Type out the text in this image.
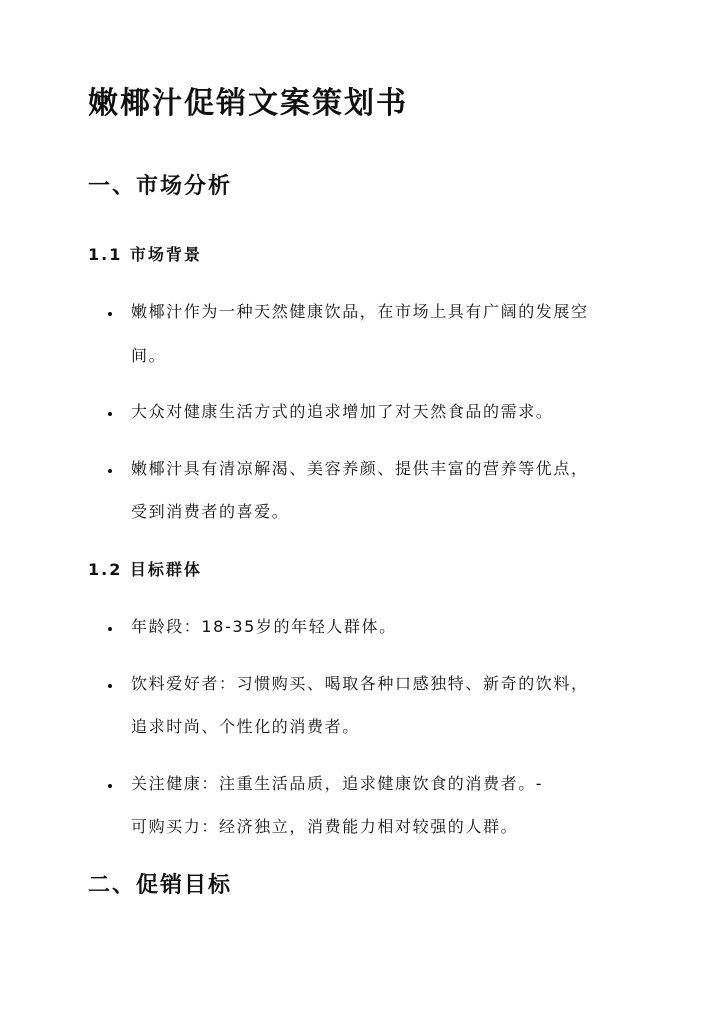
嫩椰汁促销文案策划书
一、市场分析
1.1 市场背景
嫩椰汁作为一种天然健康饮品，在市场上具有广阔的发展空
间。
大众对健康生活方式的追求增加了对天然食品的需求。
嫩椰汁具有清凉解渴、美容养颜、提供丰富的营养等优点，
受到消费者的喜爱。
1.2 目标群体
年龄段：18-35岁的年轻人群体。
饮料爱好者：习惯购买、喝取各种口感独特、新奇的饮料，
追求时尚、个性化的消费者。
关注健康：注重生活品质，追求健康饮食的消费者。-
可购买力：经济独立，消费能力相对较强的人群。
二、促销目标
